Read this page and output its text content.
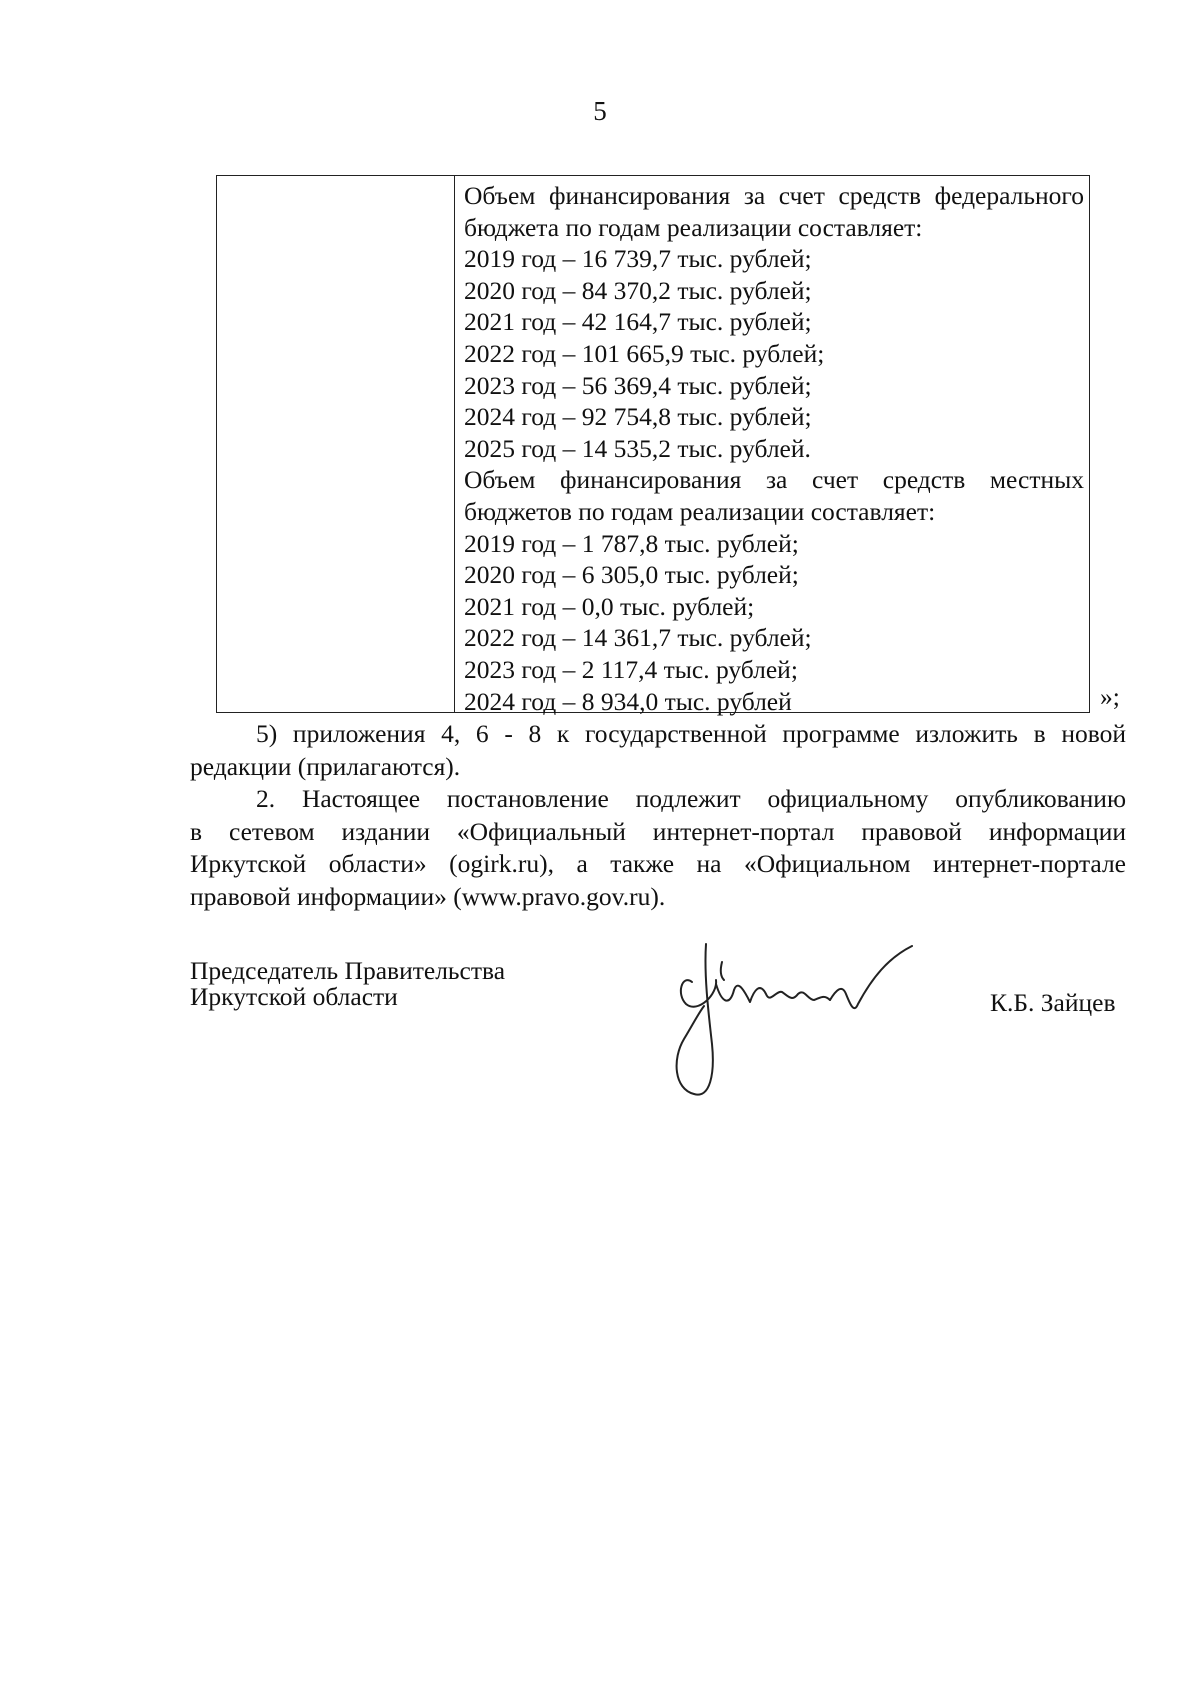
5
Объем финансирования за счет средств федерального
бюджета по годам реализации составляет:
2019 год – 16 739,7 тыс. рублей;
2020 год – 84 370,2 тыс. рублей;
2021 год – 42 164,7 тыс. рублей;
2022 год – 101 665,9 тыс. рублей;
2023 год – 56 369,4 тыс. рублей;
2024 год – 92 754,8 тыс. рублей;
2025 год – 14 535,2 тыс. рублей.
Объем финансирования за счет средств местных
бюджетов по годам реализации составляет:
2019 год – 1 787,8 тыс. рублей;
2020 год – 6 305,0 тыс. рублей;
2021 год – 0,0 тыс. рублей;
2022 год – 14 361,7 тыс. рублей;
2023 год – 2 117,4 тыс. рублей;
2024 год – 8 934,0 тыс. рублей	»;
5) приложения 4, 6 - 8 к государственной программе изложить в новой
редакции (прилагаются).
2. Настоящее постановление подлежит официальному опубликованию
в сетевом издании «Официальный интернет-портал правовой информации
Иркутской области» (ogirk.ru), а также на «Официальном интернет-портале
правовой информации» (www.pravo.gov.ru).
Председатель Правительства
Иркутской области	К.Б. Зайцев
